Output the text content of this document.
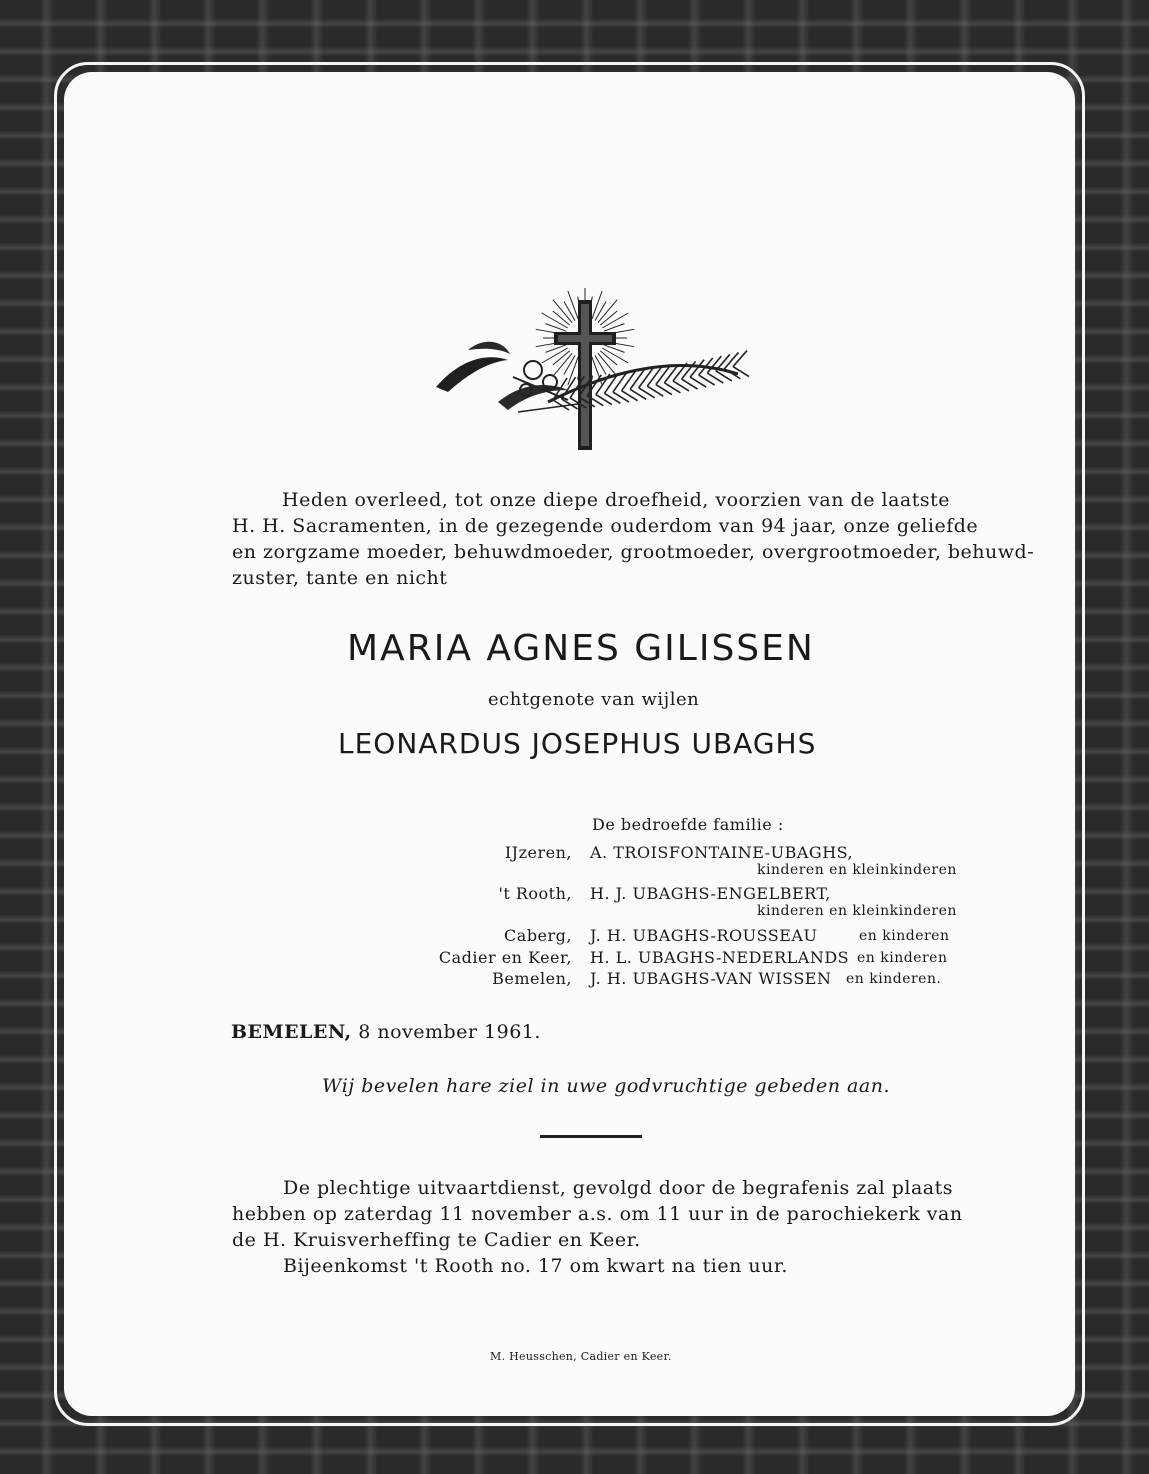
Heden overleed, tot onze diepe droefheid, voorzien van de laatste
H. H. Sacramenten, in de gezegende ouderdom van 94 jaar, onze geliefde
en zorgzame moeder, behuwdmoeder, grootmoeder, overgrootmoeder, behuwd-
zuster, tante en nicht
MARIA AGNES GILISSEN
echtgenote van wijlen
LEONARDUS JOSEPHUS UBAGHS
De bedroefde familie :
IJzeren, A. TROISFONTAINE-UBAGHS,
kinderen en kleinkinderen
't Rooth, H. J. UBAGHS-ENGELBERT,
kinderen en kleinkinderen
Caberg, J. H. UBAGHS-ROUSSEAU	en kinderen
Cadier en Keer, H. L. UBAGHS-NEDERLANDS en kinderen
Bemelen, J. H. UBAGHS-VAN WISSEN en kinderen.
BEMELEN, 8 november 1961.
Wij bevelen hare ziel in uwe godvruchtige gebeden aan.
De plechtige uitvaartdienst, gevolgd door de begrafenis zal plaats
hebben op zaterdag 11 november a.s. om 11 uur in de parochiekerk van
de H. Kruisverheffing te Cadier en Keer.
Bijeenkomst 't Rooth no. 17 om kwart na tien uur.
M. Heusschen, Cadier en Keer.
